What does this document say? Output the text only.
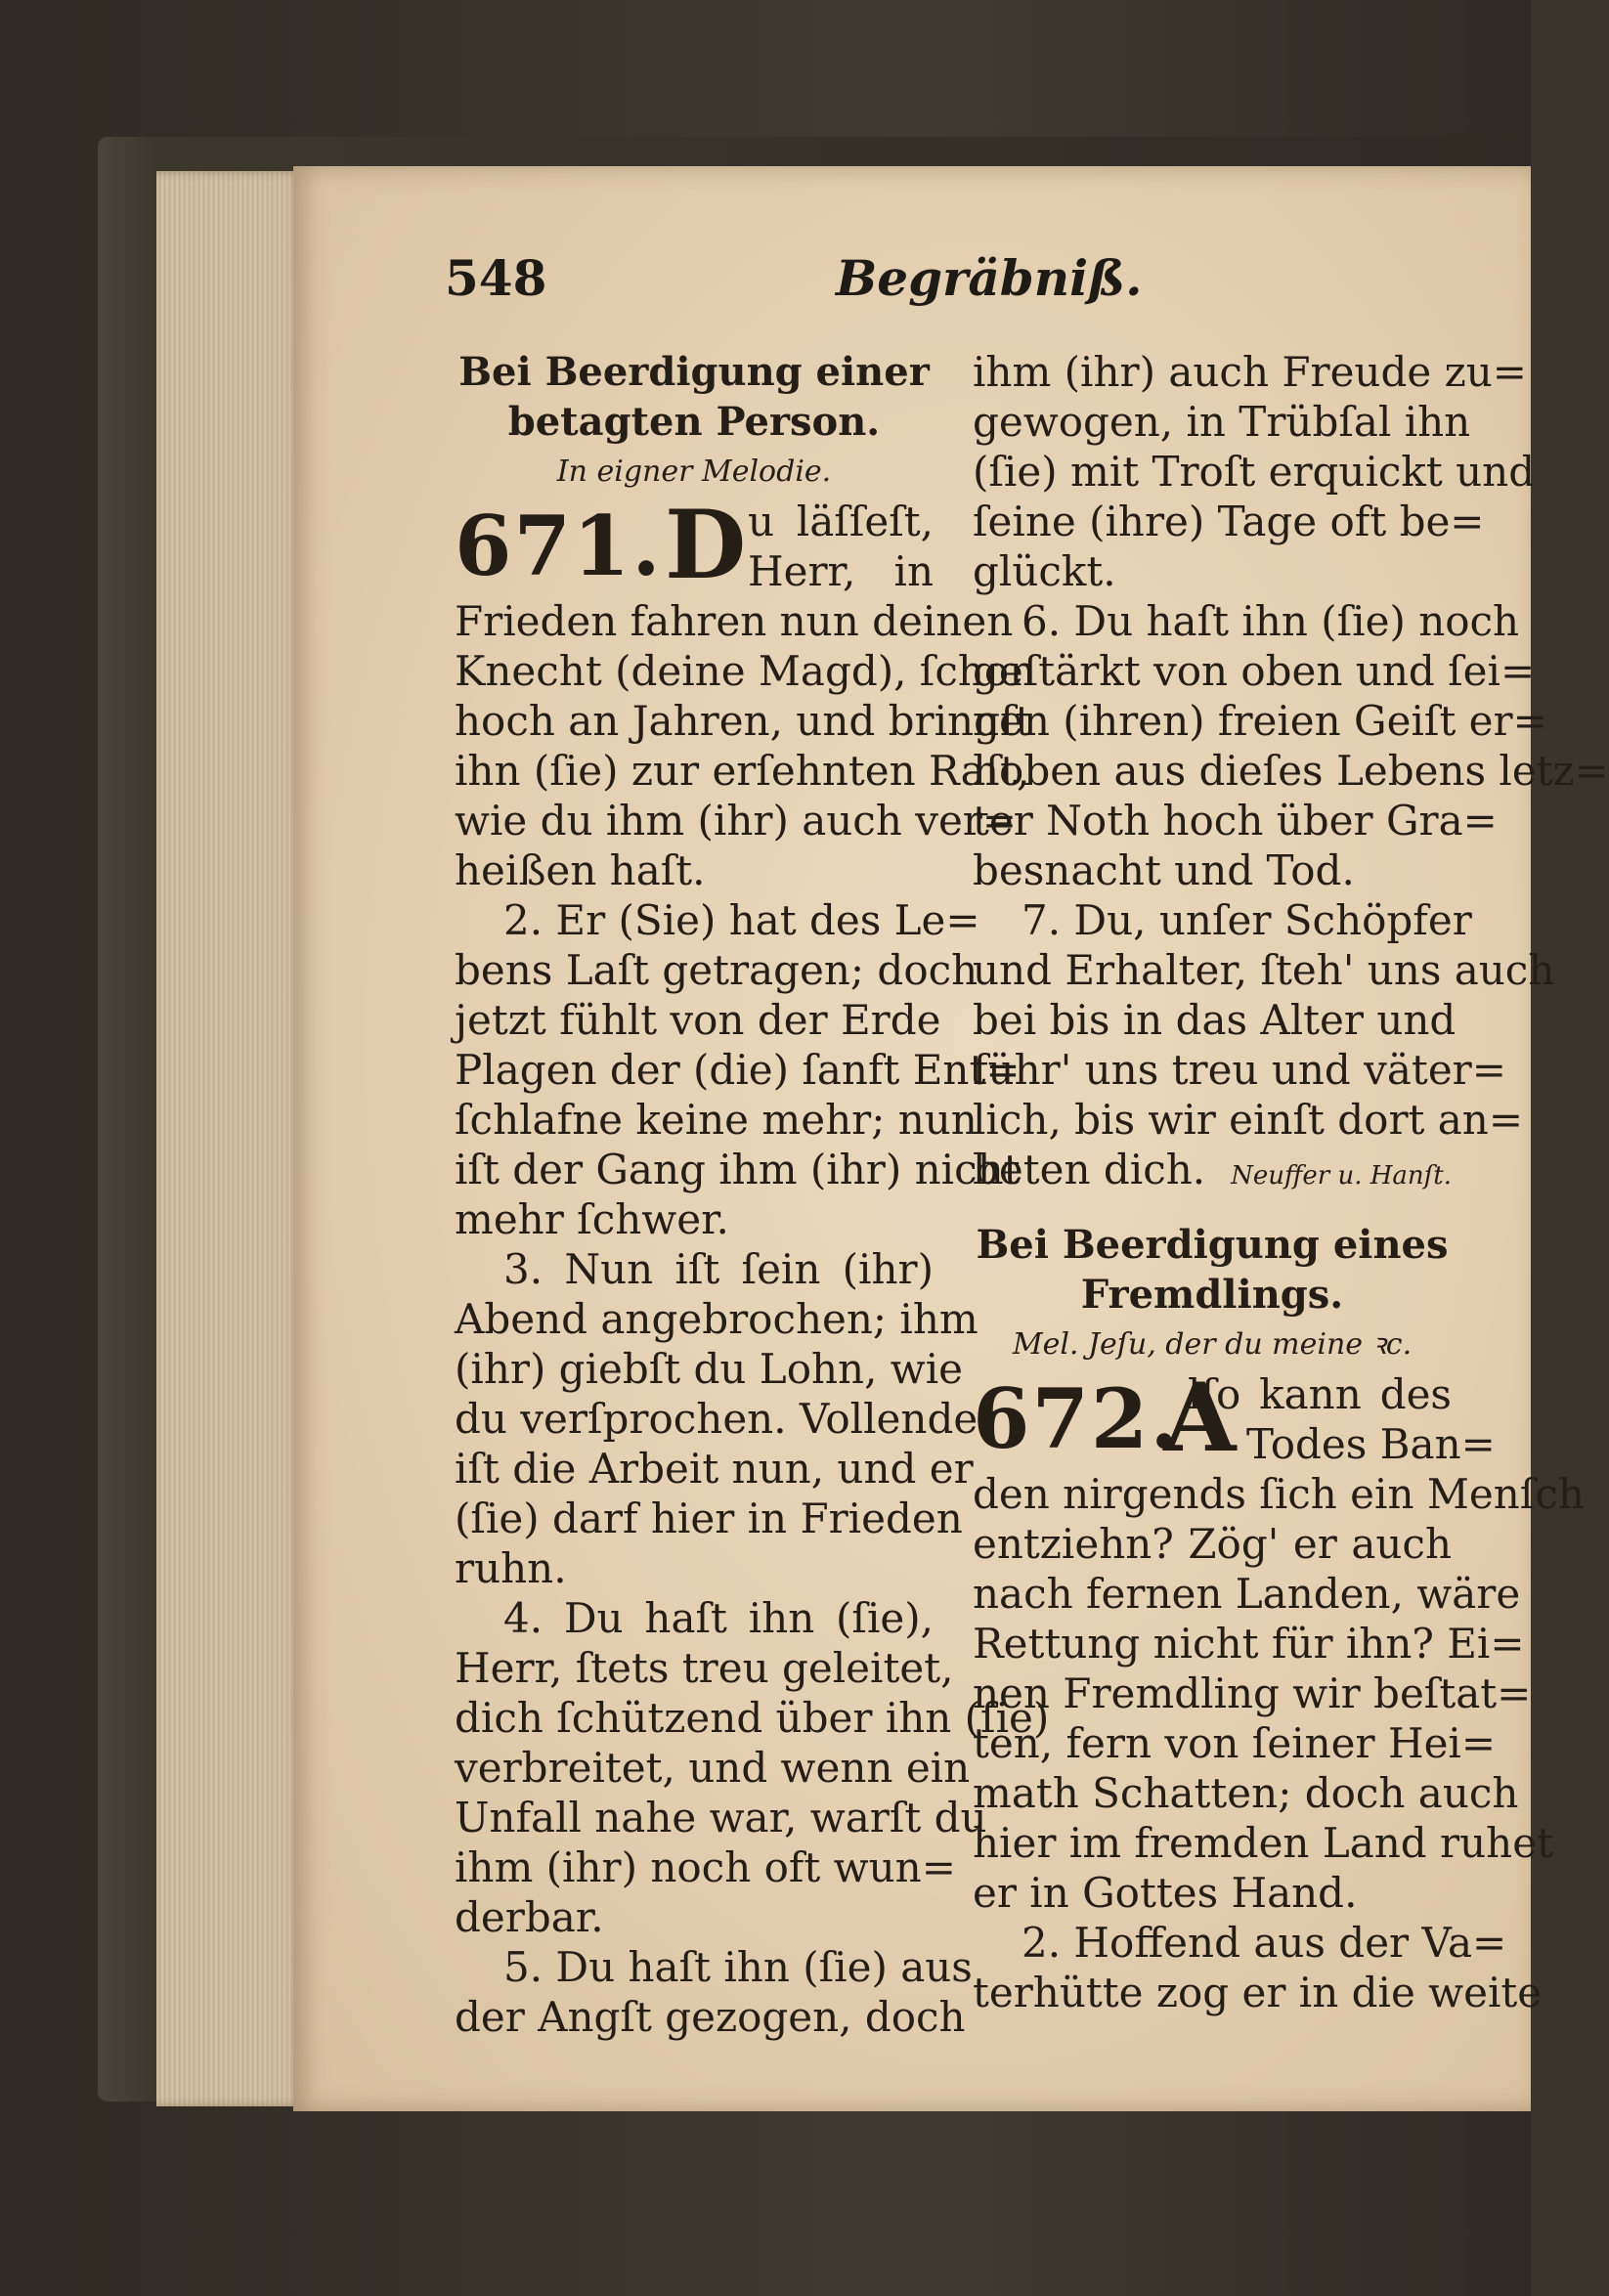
548	Begräbniß.
Bei Beerdigung einer
betagten Person.
In eigner Melodie.
671. D u läſſeſt,
Herr, in
Frieden fahren nun deinen
Knecht (deine Magd), ſchon
hoch an Jahren, und bringſt
ihn (ſie) zur erſehnten Raſt,
wie du ihm (ihr) auch ver=
heißen haſt.
2. Er (Sie) hat des Le=
bens Laſt getragen; doch
jetzt fühlt von der Erde
Plagen der (die) ſanft Ent=
ſchlafne keine mehr; nun
iſt der Gang ihm (ihr) nicht
mehr ſchwer.
3. Nun iſt ſein (ihr)
Abend angebrochen; ihm
(ihr) giebſt du Lohn, wie
du verſprochen. Vollendet
iſt die Arbeit nun, und er
(ſie) darf hier in Frieden
ruhn.
4. Du haſt ihn (ſie),
Herr, ſtets treu geleitet,
dich ſchützend über ihn (ſie)
verbreitet, und wenn ein
Unfall nahe war, warſt du
ihm (ihr) noch oft wun=
derbar.
5. Du haſt ihn (ſie) aus
der Angſt gezogen, doch
ihm (ihr) auch Freude zu=
gewogen, in Trübſal ihn
(ſie) mit Troſt erquickt und
ſeine (ihre) Tage oft be=
glückt.
6. Du haſt ihn (ſie) noch
geſtärkt von oben und ſei=
nen (ihren) freien Geiſt er=
hoben aus dieſes Lebens letz=
ter Noth hoch über Gra=
besnacht und Tod.
7. Du, unſer Schöpfer
und Erhalter, ſteh' uns auch
bei bis in das Alter und
führ' uns treu und väter=
lich, bis wir einſt dort an=
beten dich. Neuffer u. Hanſt.
Bei Beerdigung eines
Fremdlings.
Mel. Jeſu, der du meine ꝛc.
672.
A
lſo kann des
Todes Ban=
den nirgends ſich ein Menſch
entziehn? Zög' er auch
nach fernen Landen, wäre
Rettung nicht für ihn? Ei=
nen Fremdling wir beſtat=
ten, fern von ſeiner Hei=
math Schatten; doch auch
hier im fremden Land ruhet
er in Gottes Hand.
2. Hoffend aus der Va=
terhütte zog er in die weite
